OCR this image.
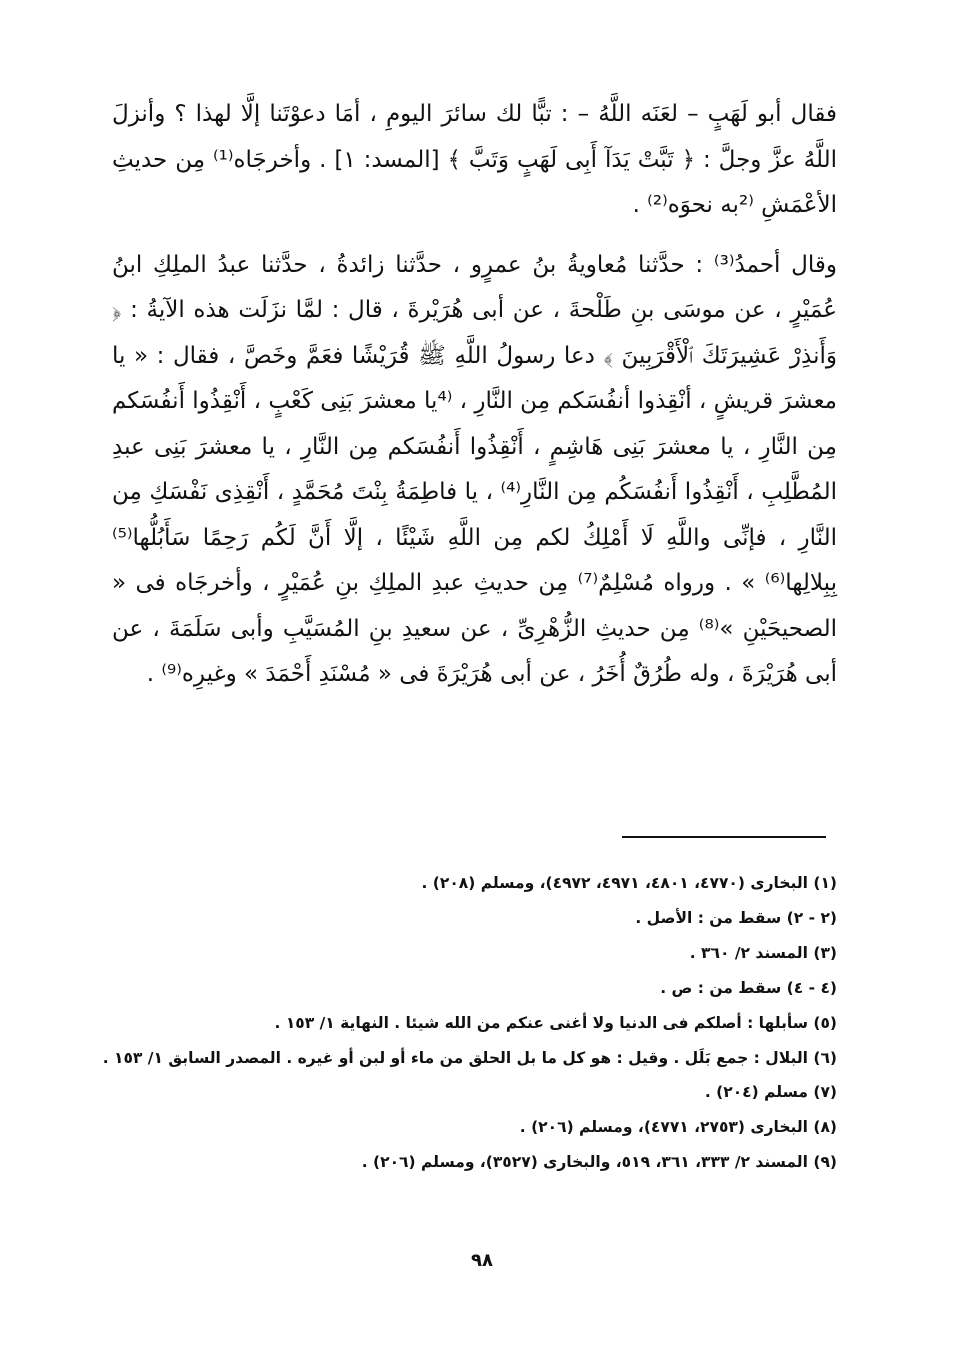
فقال أبو لَهَبٍ – لعَنَه اللَّهُ – : تبًّا لك سائرَ اليومِ ، أمَا دعوْتَنا إلَّا لهذا ؟ وأنزلَ اللَّهُ عزَّ وجلَّ : ﴿ تَبَّتْ يَدَآ أَبِى لَهَبٍ وَتَبَّ ﴾ [المسد: ١] . وأخرجَاه⁽¹⁾ مِن حديثِ الأعْمَشِ ⁽²به نحوَه⁽²⁾ .

وقال أحمدُ⁽³⁾ : حدَّثنا مُعاويةُ بنُ عمرٍو ، حدَّثنا زائدةُ ، حدَّثنا عبدُ الملِكِ ابنُ عُمَيْرٍ ، عن موسَى بنِ طَلْحةَ ، عن أبى هُرَيْرةَ ، قال : لمَّا نزَلَت هذه الآيةُ : ﴿ وَأَنذِرْ عَشِيرَتَكَ ٱلْأَقْرَبِينَ ﴾ دعا رسولُ اللَّهِ ﷺ قُرَيْشًا فعَمَّ وخَصَّ ، فقال : « يا معشرَ قريشٍ ، أنْقِذوا أنفُسَكم مِن النَّارِ ، ⁽⁴يا معشرَ بَنِى كَعْبٍ ، أَنْقِذُوا أَنفُسَكم مِن النَّارِ ، يا معشرَ بَنِى هَاشِمٍ ، أَنْقِذُوا أَنفُسَكم مِن النَّارِ ، يا معشرَ بَنِى عبدِ المُطَّلِبِ ، أَنْقِذُوا أَنفُسَكُم مِن النَّارِ⁽⁴⁾ ، يا فاطِمَةُ بِنْتَ مُحَمَّدٍ ، أَنْقِذِى نَفْسَكِ مِن النَّارِ ، فإنِّى واللَّهِ لَا أَمْلِكُ لكم مِن اللَّهِ شَيْئًا ، إلَّا أَنَّ لَكُم رَحِمًا سَأَبُلُّها⁽⁵⁾ بِبِلالِها⁽⁶⁾ » . ورواه مُسْلِمٌ⁽⁷⁾ مِن حديثِ عبدِ الملِكِ بنِ عُمَيْرٍ ، وأخرجَاه فى « الصحيحَيْنِ »⁽⁸⁾ مِن حديثِ الزُّهْرِىِّ ، عن سعيدِ بنِ المُسَيَّبِ وأبى سَلَمَةَ ، عن أبى هُرَيْرَةَ ، وله طُرُقٌ أُخَرُ ، عن أبى هُرَيْرَةَ فى « مُسْنَدِ أَحْمَدَ » وغيرِه⁽⁹⁾ .

(١) البخارى (٤٧٧٠، ٤٨٠١، ٤٩٧١، ٤٩٧٢)، ومسلم (٢٠٨) .

(٢ - ٢) سقط من : الأصل .

(٣) المسند ٢/ ٣٦٠ .

(٤ - ٤) سقط من : ص .

(٥) سأبلها : أصلكم فى الدنيا ولا أغنى عنكم من الله شيئا . النهاية ١/ ١٥٣ .

(٦) البلال : جمع بَلَل . وقيل : هو كل ما بل الحلق من ماء أو لبن أو غيره . المصدر السابق ١/ ١٥٣ .

(٧) مسلم (٢٠٤) .

(٨) البخارى (٢٧٥٣، ٤٧٧١)، ومسلم (٢٠٦) .

(٩) المسند ٢/ ٣٣٣، ٣٦١، ٥١٩، والبخارى (٣٥٢٧)، ومسلم (٢٠٦) .

٩٨
